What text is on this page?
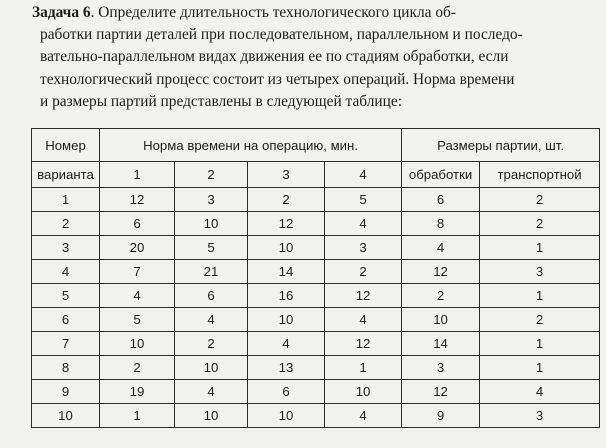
Задача 6. Определите длительность технологического цикла об-
работки партии деталей при последовательном, параллельном и последо-
вательно-параллельном видах движения ее по стадиям обработки, если
технологический процесс состоит из четырех операций. Норма времени
и размеры партий представлены в следующей таблице:
Номер	Норма времени на операцию, мин.				Размеры партии, шт.	
варианта	1	2	3	4	обработки	транспортной
1	12	3	2	5	6	2
2	6	10	12	4	8	2
3	20	5	10	3	4	1
4	7	21	14	2	12	3
5	4	6	16	12	2	1
6	5	4	10	4	10	2
7	10	2	4	12	14	1
8	2	10	13	1	3	1
9	19	4	6	10	12	4
10	1	10	10	4	9	3
